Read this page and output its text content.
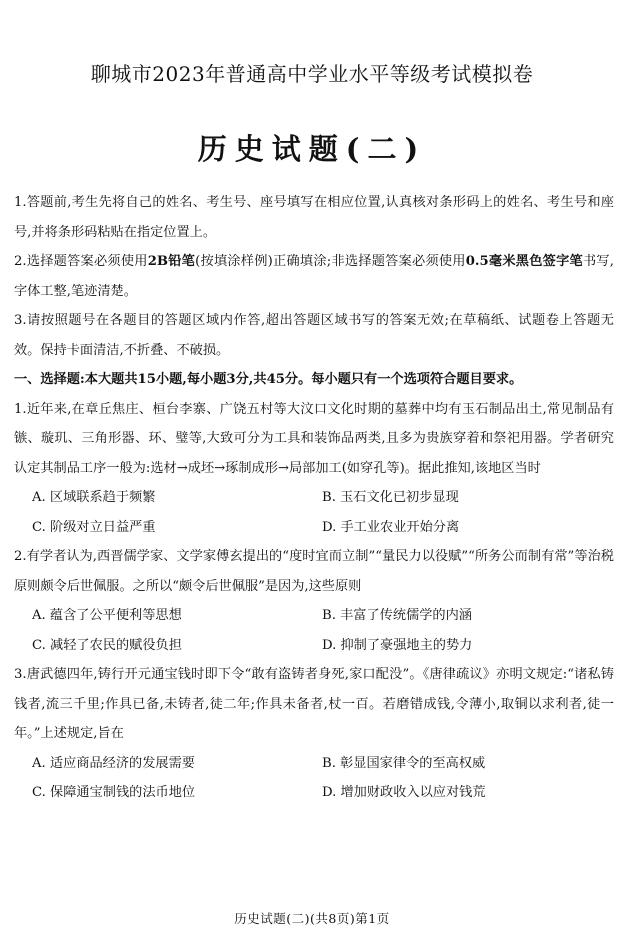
聊城市2023年普通高中学业水平等级考试模拟卷
历史试题(二)

1.答题前,考生先将自己的姓名、考生号、座号填写在相应位置,认真核对条形码上的姓名、考生号和座号,并将条形码粘贴在指定位置上。

2.选择题答案必须使用2B铅笔(按填涂样例)正确填涂;非选择题答案必须使用0.5毫米黑色签字笔书写,字体工整,笔迹清楚。

3.请按照题号在各题目的答题区域内作答,超出答题区域书写的答案无效;在草稿纸、试题卷上答题无效。保持卡面清洁,不折叠、不破损。

一、选择题:本大题共15小题,每小题3分,共45分。每小题只有一个选项符合题目要求。

1.近年来,在章丘焦庄、桓台李寨、广饶五村等大汶口文化时期的墓葬中均有玉石制品出土,常见制品有镞、璇玑、三角形器、环、璧等,大致可分为工具和装饰品两类,且多为贵族穿着和祭祀用器。学者研究认定其制品工序一般为:选材→成坯→琢制成形→局部加工(如穿孔等)。据此推知,该地区当时

A. 区域联系趋于频繁	B. 玉石文化已初步显现
C. 阶级对立日益严重	D. 手工业农业开始分离

2.有学者认为,西晋儒学家、文学家傅玄提出的“度时宜而立制”“量民力以役赋”“所务公而制有常”等治税原则颇令后世佩服。之所以“颇令后世佩服”是因为,这些原则

A. 蕴含了公平便利等思想	B. 丰富了传统儒学的内涵
C. 减轻了农民的赋役负担	D. 抑制了豪强地主的势力

3.唐武德四年,铸行开元通宝钱时即下令“敢有盗铸者身死,家口配没”。《唐律疏议》亦明文规定:“诸私铸钱者,流三千里;作具已备,未铸者,徒二年;作具未备者,杖一百。若磨错成钱,令薄小,取铜以求利者,徒一年。”上述规定,旨在

A. 适应商品经济的发展需要	B. 彰显国家律令的至高权威
C. 保障通宝制钱的法币地位	D. 增加财政收入以应对钱荒
历史试题(二)(共8页)第1页
